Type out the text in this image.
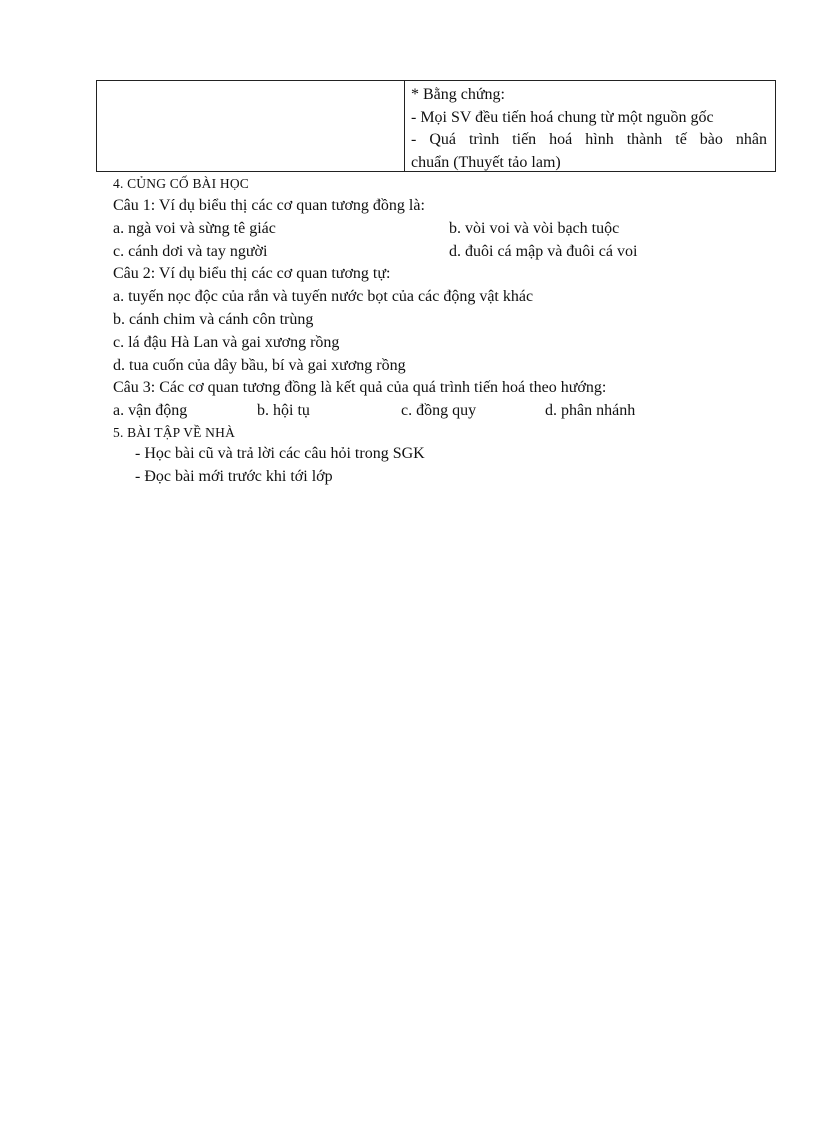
* Bằng chứng:
- Mọi SV đều tiến hoá chung từ một nguồn gốc
- Quá trình tiến hoá hình thành tế bào nhân
chuẩn (Thuyết tảo lam)
4. CỦNG CỐ BÀI HỌC
Câu 1: Ví dụ biểu thị các cơ quan tương đồng là:
a. ngà voi và sừng tê giác	b. vòi voi và vòi bạch tuộc
c. cánh dơi và tay người	d. đuôi cá mập và đuôi cá voi
Câu 2: Ví dụ biểu thị các cơ quan tương tự:
a. tuyến nọc độc của rắn và tuyến nước bọt của các động vật khác
b. cánh chim và cánh côn trùng
c. lá đậu Hà Lan và gai xương rồng
d. tua cuốn của dây bầu, bí và gai xương rồng
Câu 3: Các cơ quan tương đồng là kết quả của quá trình tiến hoá theo hướng:
a. vận động	b. hội tụ	c. đồng quy	d. phân nhánh
5. BÀI TẬP VỀ NHÀ
- Học bài cũ và trả lời các câu hỏi trong SGK
- Đọc bài mới trước khi tới lớp
